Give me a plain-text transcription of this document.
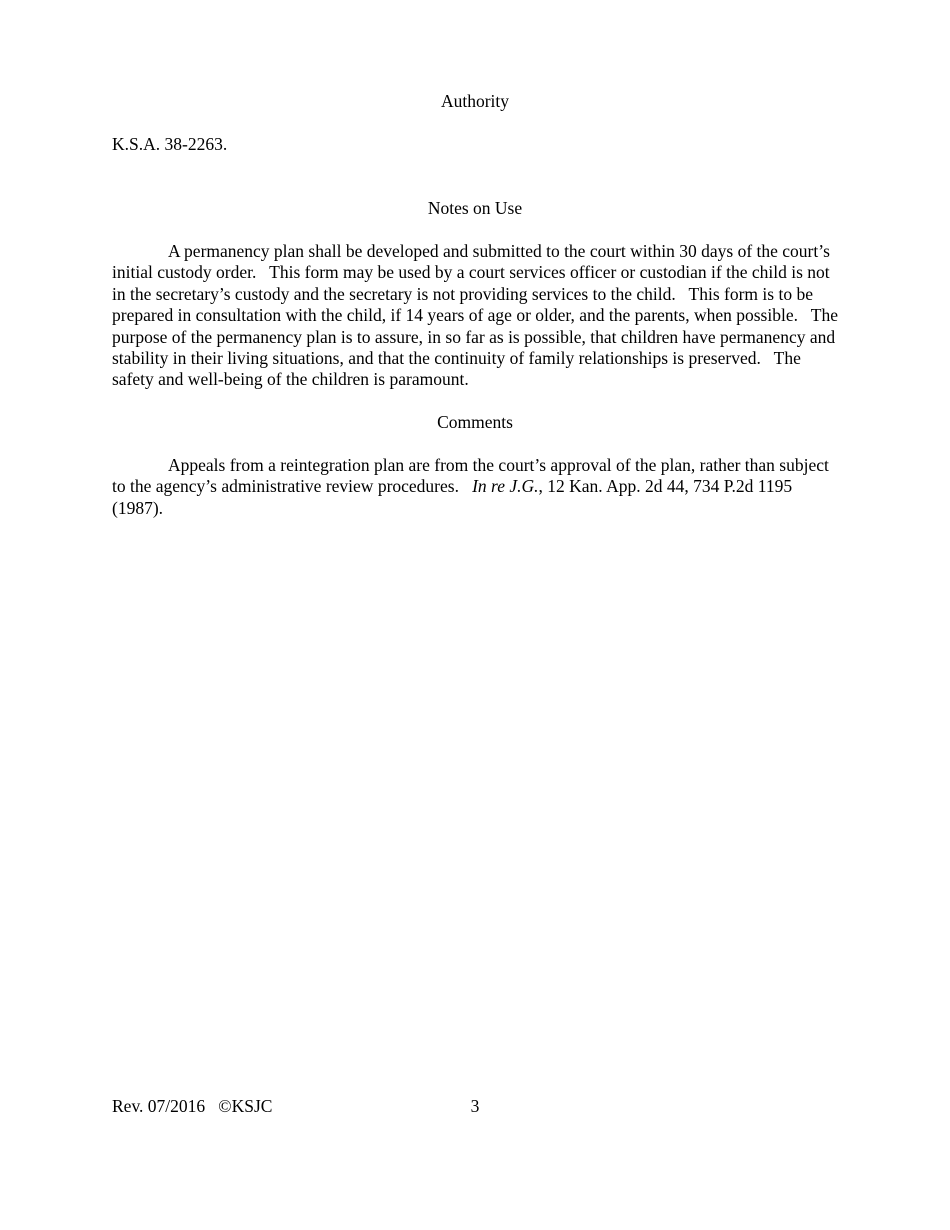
Authority

K.S.A. 38-2263.

Notes on Use

A permanency plan shall be developed and submitted to the court within 30 days of the court’s initial custody order.   This form may be used by a court services officer or custodian if the child is not in the secretary’s custody and the secretary is not providing services to the child.   This form is to be prepared in consultation with the child, if 14 years of age or older, and the parents, when possible.   The purpose of the permanency plan is to assure, in so far as is possible, that children have permanency and stability in their living situations, and that the continuity of family relationships is preserved.   The safety and well-being of the children is paramount.

Comments

Appeals from a reintegration plan are from the court’s approval of the plan, rather than subject to the agency’s administrative review procedures.   In re J.G., 12 Kan. App. 2d 44, 734 P.2d 1195 (1987).

Rev. 07/2016   ©KSJC	3
